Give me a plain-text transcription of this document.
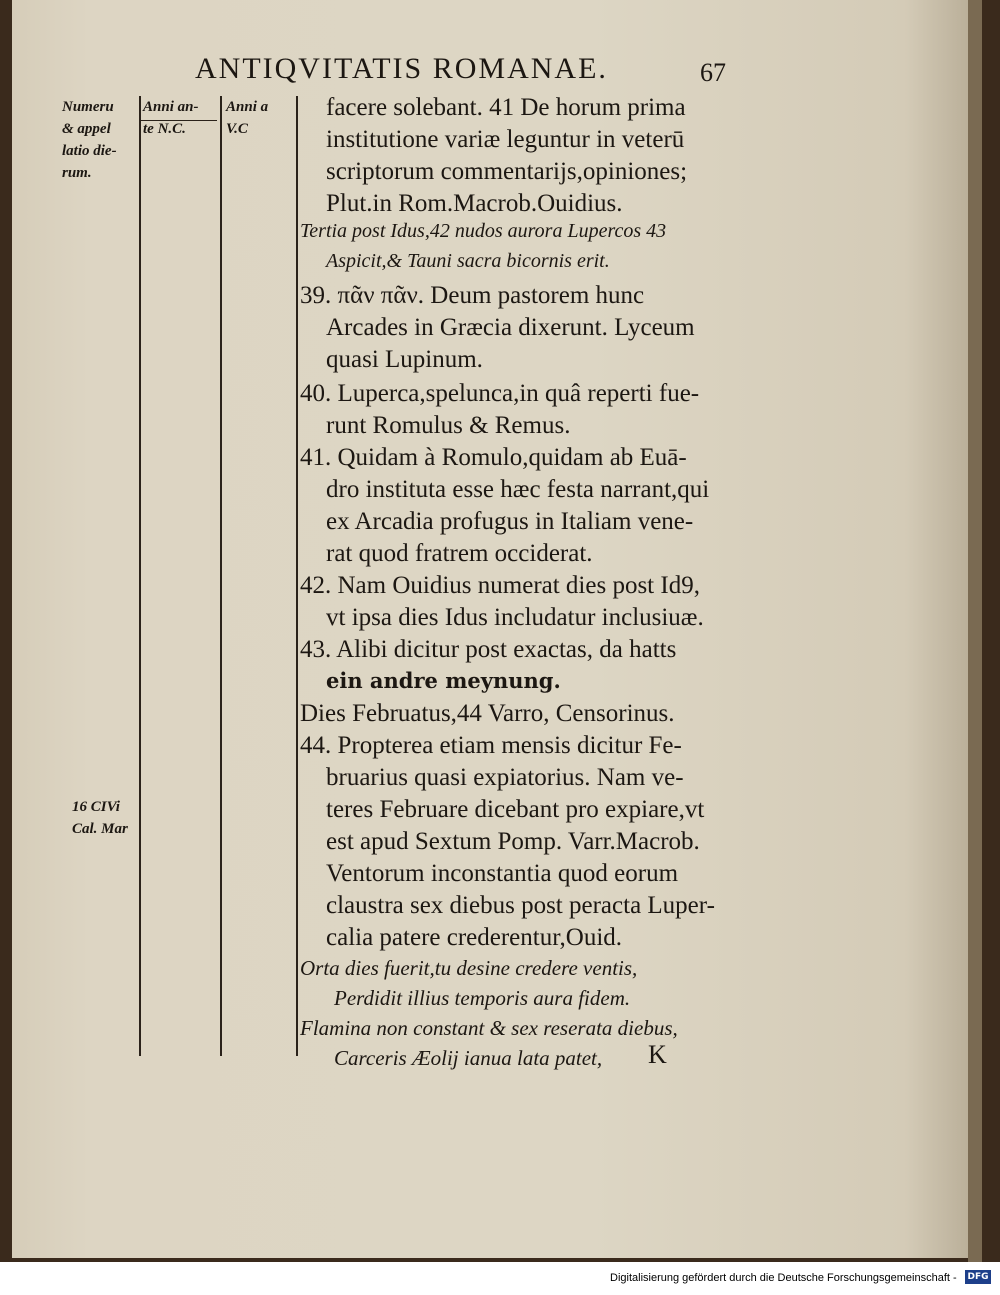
ANTIQVITATIS ROMANAE.	67
Numeru
& appel
latio die-
rum.
Anni an-
te N.C.
Anni a
V.C
16 CIVi
Cal. Mar
facere solebant. 41 De horum prima
institutione variæ leguntur in veterū
scriptorum commentarijs,opiniones;
Plut.in Rom.Macrob.Ouidius.
Tertia post Idus,42 nudos aurora Lupercos 43
Aspicit,& Tauni sacra bicornis erit.
39. πᾶν πᾶν. Deum pastorem hunc
Arcades in Græcia dixerunt. Lyceum
quasi Lupinum.
40. Luperca,spelunca,in quâ reperti fue-
runt Romulus & Remus.
41. Quidam à Romulo,quidam ab Euā-
dro instituta esse hæc festa narrant,qui
ex Arcadia profugus in Italiam vene-
rat quod fratrem occiderat.
42. Nam Ouidius numerat dies post Id9,
vt ipsa dies Idus includatur inclusiuæ.
43. Alibi dicitur post exactas, da hatts
ein andre meynung.
Dies Februatus,44 Varro, Censorinus.
44. Propterea etiam mensis dicitur Fe-
bruarius quasi expiatorius. Nam ve-
teres Februare dicebant pro expiare,vt
est apud Sextum Pomp. Varr.Macrob.
Ventorum inconstantia quod eorum
claustra sex diebus post peracta Luper-
calia patere crederentur,Ouid.
Orta dies fuerit,tu desine credere ventis,
Perdidit illius temporis aura fidem.
Flamina non constant & sex reserata diebus,
Carceris Æolij ianua lata patet, K
Digitalisierung gefördert durch die Deutsche Forschungsgemeinschaft - DFG
